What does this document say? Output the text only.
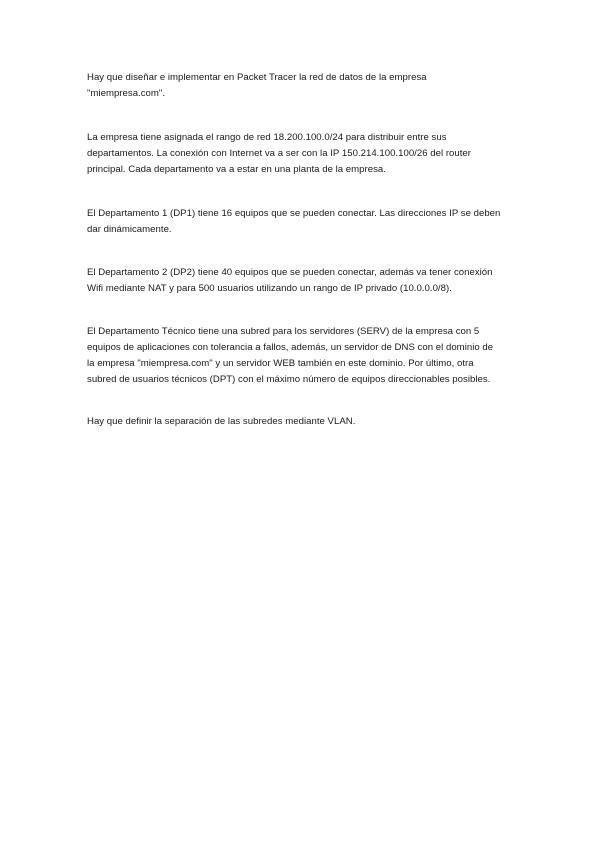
Hay que diseñar e implementar en Packet Tracer la red de datos de la empresa
"miempresa.com".

La empresa tiene asignada el rango de red 18.200.100.0/24 para distribuir entre sus
departamentos. La conexión con Internet va a ser con la IP 150.214.100.100/26 del router
principal. Cada departamento va a estar en una planta de la empresa.

El Departamento 1 (DP1) tiene 16 equipos que se pueden conectar. Las direcciones IP se deben
dar dinámicamente.

El Departamento 2 (DP2) tiene 40 equipos que se pueden conectar, además va tener conexión
Wifi mediante NAT y para 500 usuarios utilizando un rango de IP privado (10.0.0.0/8).

El Departamento Técnico tiene una subred para los servidores (SERV) de la empresa con 5
equipos de aplicaciones con tolerancia a fallos, además, un servidor de DNS con el dominio de
la empresa "miempresa.com" y un servidor WEB también en este dominio. Por último, otra
subred de usuarios técnicos (DPT) con el máximo número de equipos direccionables posibles.

Hay que definir la separación de las subredes mediante VLAN.
